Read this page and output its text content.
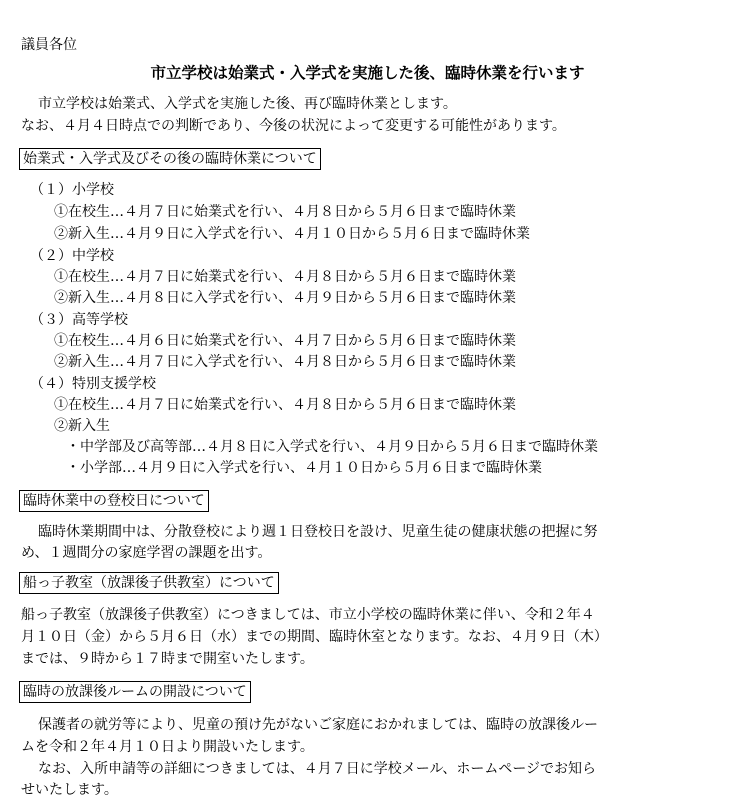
議員各位
市立学校は始業式・入学式を実施した後、臨時休業を行います
市立学校は始業式、入学式を実施した後、再び臨時休業とします。
なお、４月４日時点での判断であり、今後の状況によって変更する可能性があります。
始業式・入学式及びその後の臨時休業について
（１）小学校
①在校生…４月７日に始業式を行い、４月８日から５月６日まで臨時休業
②新入生…４月９日に入学式を行い、４月１０日から５月６日まで臨時休業
（２）中学校
①在校生…４月７日に始業式を行い、４月８日から５月６日まで臨時休業
②新入生…４月８日に入学式を行い、４月９日から５月６日まで臨時休業
（３）高等学校
①在校生…４月６日に始業式を行い、４月７日から５月６日まで臨時休業
②新入生…４月７日に入学式を行い、４月８日から５月６日まで臨時休業
（４）特別支援学校
①在校生…４月７日に始業式を行い、４月８日から５月６日まで臨時休業
②新入生
・中学部及び高等部…４月８日に入学式を行い、４月９日から５月６日まで臨時休業
・小学部…４月９日に入学式を行い、４月１０日から５月６日まで臨時休業
臨時休業中の登校日について
臨時休業期間中は、分散登校により週１日登校日を設け、児童生徒の健康状態の把握に努
め、１週間分の家庭学習の課題を出す。
船っ子教室（放課後子供教室）について
船っ子教室（放課後子供教室）につきましては、市立小学校の臨時休業に伴い、令和２年４
月１０日（金）から５月６日（水）までの期間、臨時休室となります。なお、４月９日（木）
までは、９時から１７時まで開室いたします。
臨時の放課後ルームの開設について
保護者の就労等により、児童の預け先がないご家庭におかれましては、臨時の放課後ルー
ムを令和２年４月１０日より開設いたします。
なお、入所申請等の詳細につきましては、４月７日に学校メール、ホームページでお知ら
せいたします。
